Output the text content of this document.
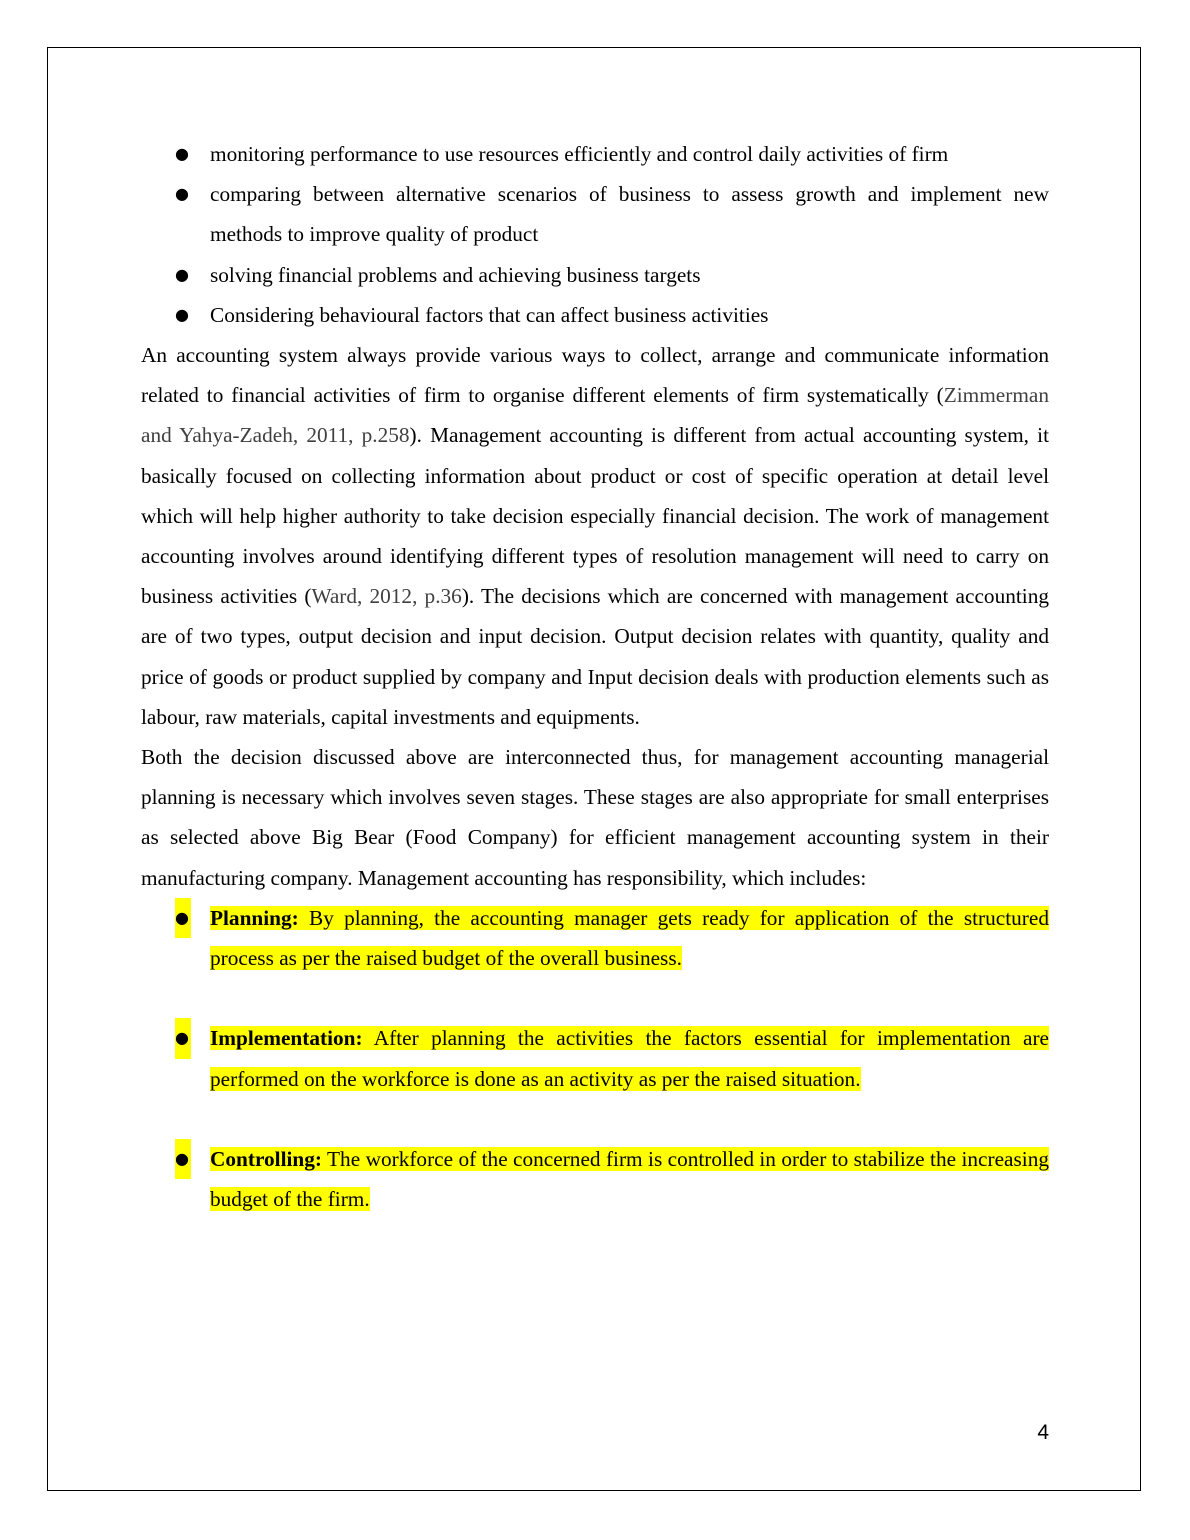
● monitoring performance to use resources efficiently and control daily activities of firm
● comparing between alternative scenarios of business to assess growth and implement new methods to improve quality of product
● solving financial problems and achieving business targets
● Considering behavioural factors that can affect business activities

An accounting system always provide various ways to collect, arrange and communicate information related to financial activities of firm to organise different elements of firm systematically (Zimmerman and Yahya-Zadeh, 2011, p.258). Management accounting is different from actual accounting system, it basically focused on collecting information about product or cost of specific operation at detail level which will help higher authority to take decision especially financial decision. The work of management accounting involves around identifying different types of resolution management will need to carry on business activities (Ward, 2012, p.36). The decisions which are concerned with management accounting are of two types, output decision and input decision. Output decision relates with quantity, quality and price of goods or product supplied by company and Input decision deals with production elements such as labour, raw materials, capital investments and equipments.

Both the decision discussed above are interconnected thus, for management accounting managerial planning is necessary which involves seven stages. These stages are also appropriate for small enterprises as selected above Big Bear (Food Company) for efficient management accounting system in their manufacturing company. Management accounting has responsibility, which includes:

● Planning: By planning, the accounting manager gets ready for application of the structured process as per the raised budget of the overall business.
● Implementation: After planning the activities the factors essential for implementation are performed on the workforce is done as an activity as per the raised situation.
● Controlling: The workforce of the concerned firm is controlled in order to stabilize the increasing budget of the firm.
4
